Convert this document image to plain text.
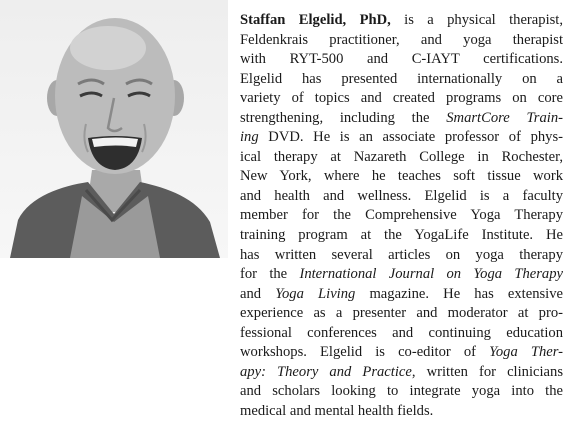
Staffan Elgelid, PhD, is a physical therapist,
Feldenkrais practitioner, and yoga therapist
with RYT-500 and C-IAYT certifications.
Elgelid has presented internationally on a
variety of topics and created programs on core
strengthening, including the SmartCore Train-
ing DVD. He is an associate professor of phys-
ical therapy at Nazareth College in Rochester,
New York, where he teaches soft tissue work
and health and wellness. Elgelid is a faculty
member for the Comprehensive Yoga Therapy
training program at the YogaLife Institute. He
has written several articles on yoga therapy
for the International Journal on Yoga Therapy
and Yoga Living magazine. He has extensive
experience as a presenter and moderator at pro-
fessional conferences and continuing education
workshops. Elgelid is co-editor of Yoga Ther-
apy: Theory and Practice, written for clinicians
and scholars looking to integrate yoga into the
medical and mental health fields.
